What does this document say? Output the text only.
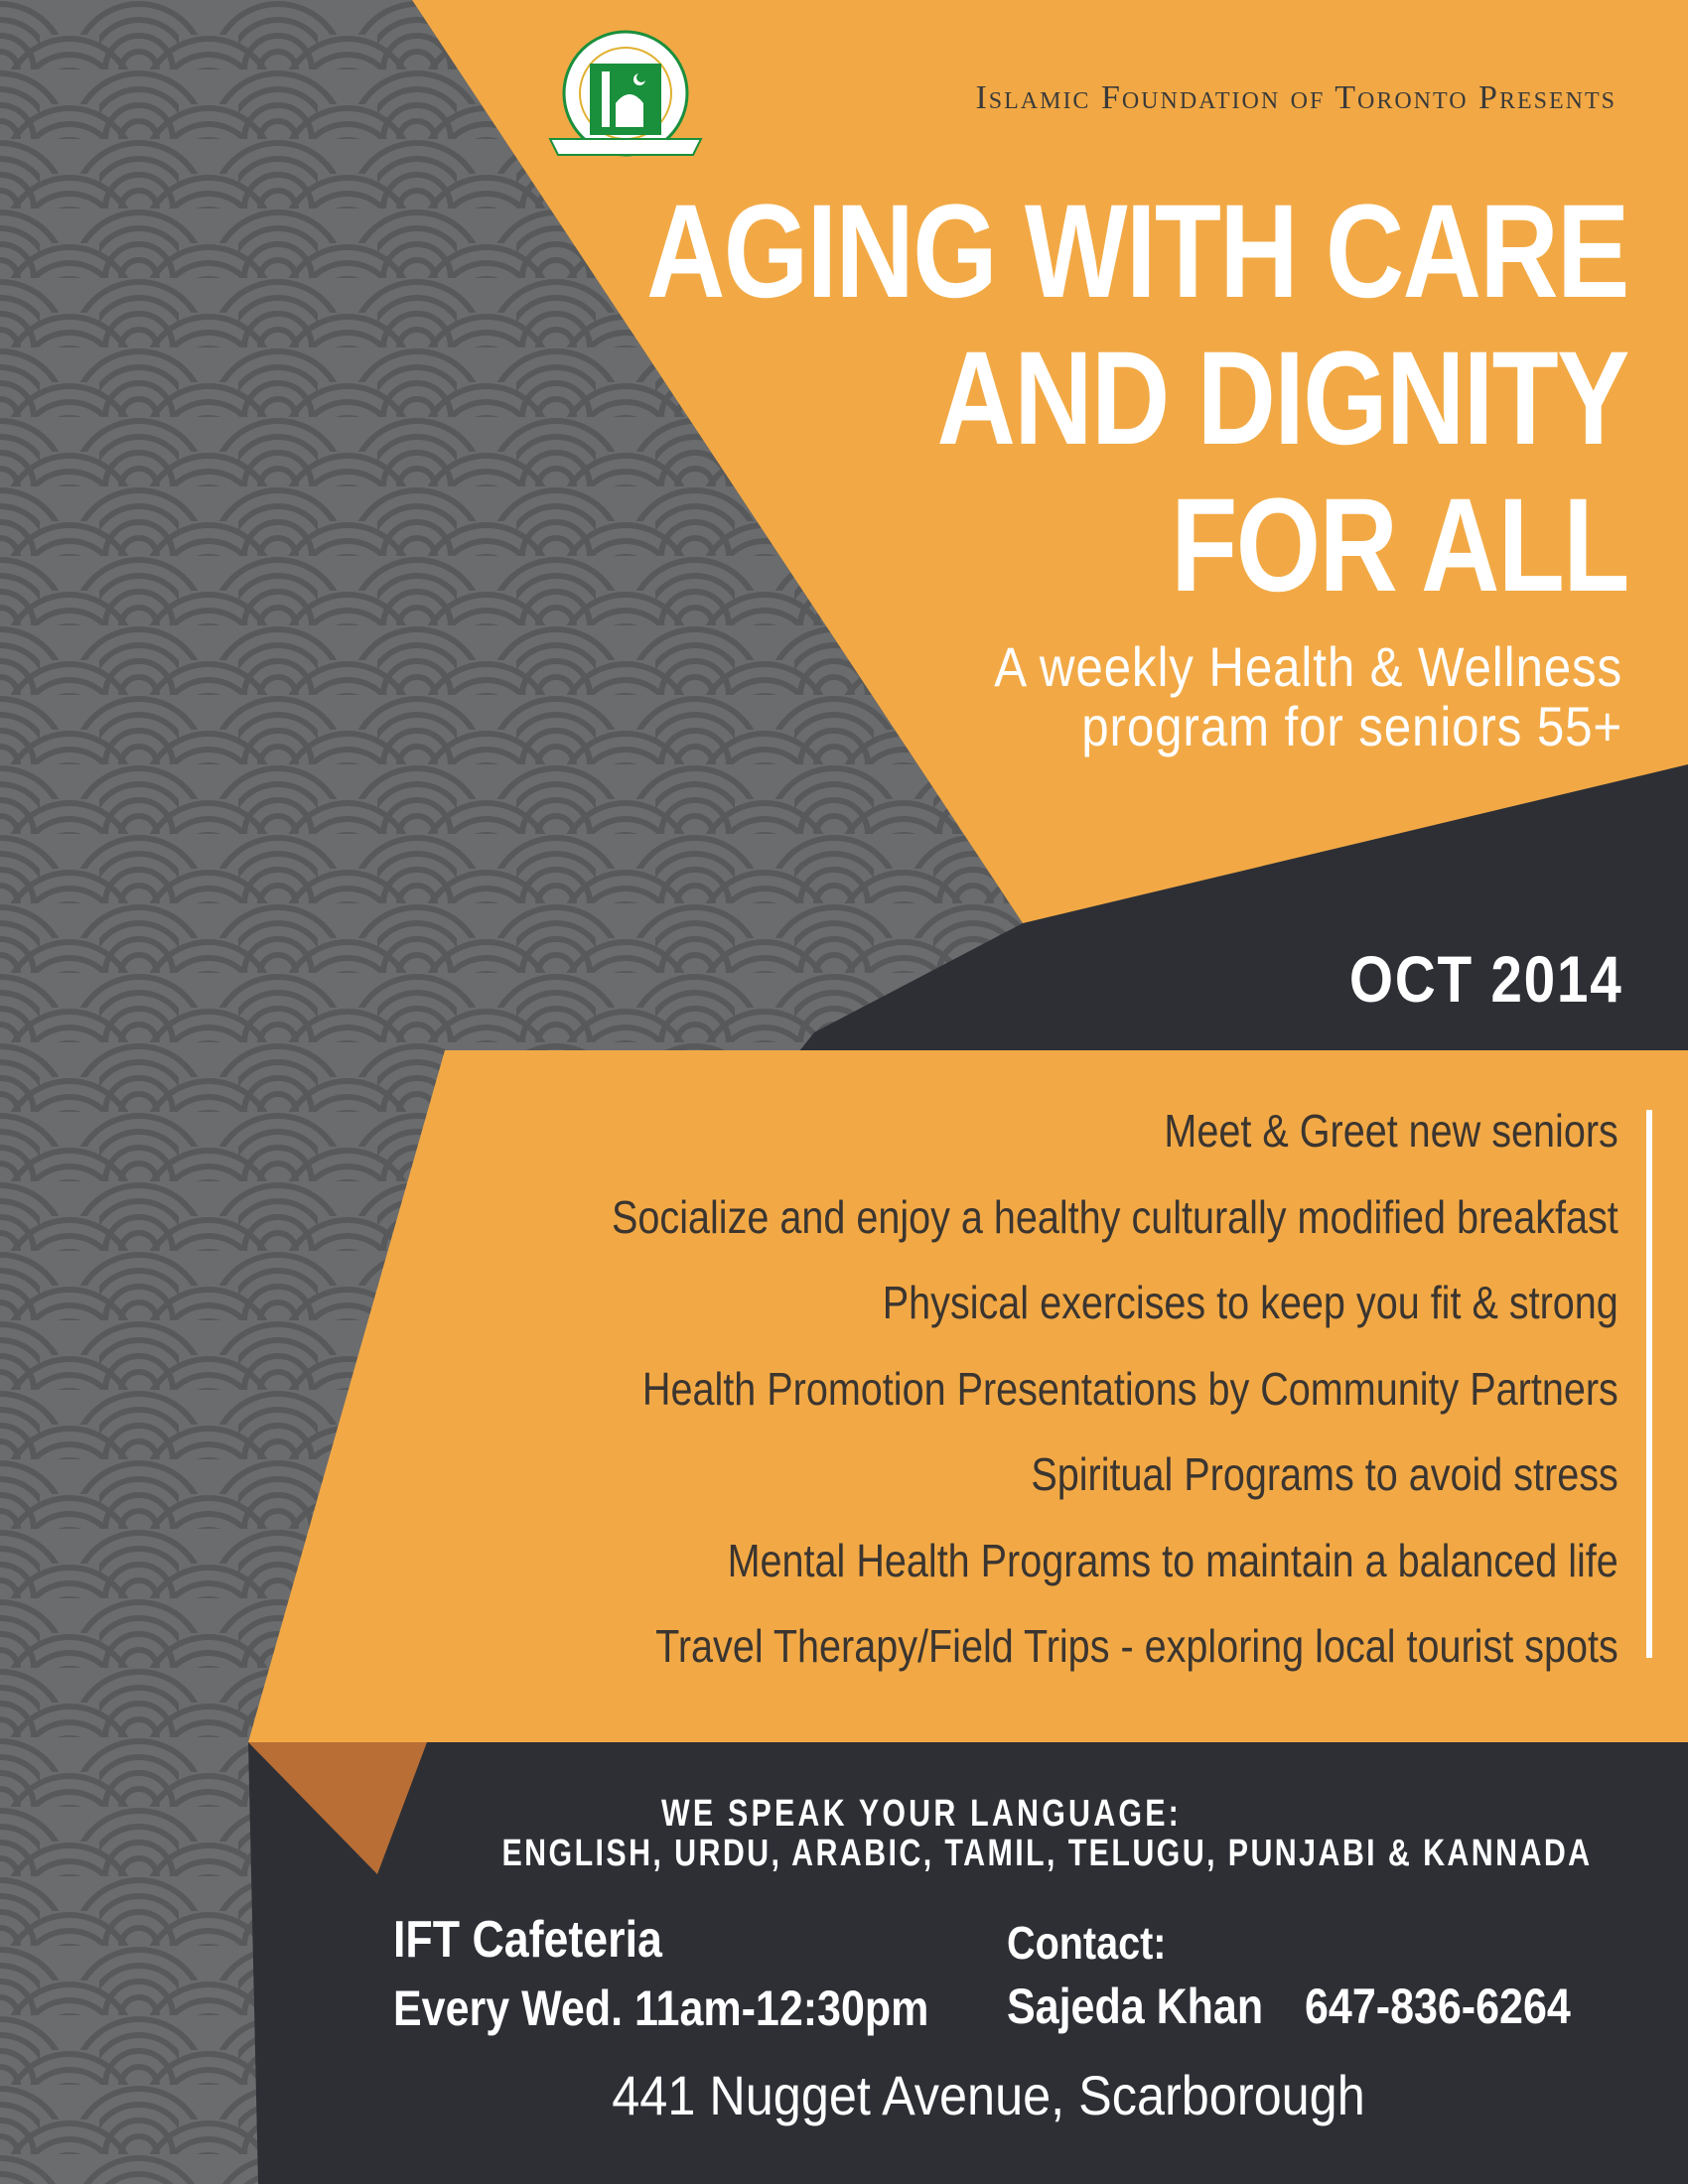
Islamic Foundation of Toronto Presents
AGING WITH CARE
AND DIGNITY
FOR ALL
A weekly Health & Wellness
program for seniors 55+
OCT 2014
Meet & Greet new seniors
Socialize and enjoy a healthy culturally modified breakfast
Physical exercises to keep you fit & strong
Health Promotion Presentations by Community Partners
Spiritual Programs to avoid stress
Mental Health Programs to maintain a balanced life
Travel Therapy/Field Trips - exploring local tourist spots
WE SPEAK YOUR LANGUAGE:
ENGLISH, URDU, ARABIC, TAMIL, TELUGU, PUNJABI & KANNADA
IFT Cafeteria
Every Wed. 11am-12:30pm
Contact:
Sajeda Khan 647-836-6264
441 Nugget Avenue, Scarborough
